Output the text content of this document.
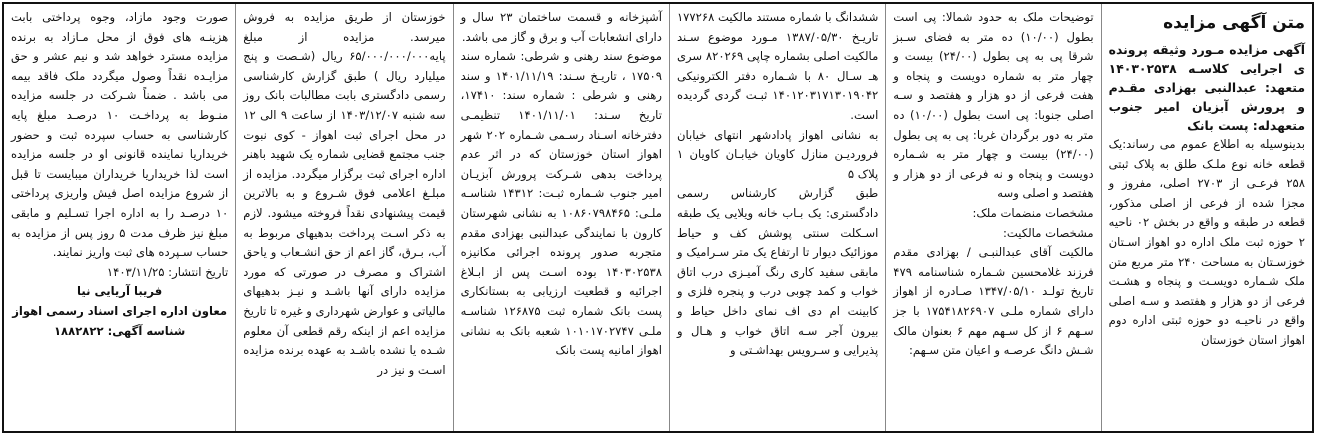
متن آگهی مزایده
آگهی مزایده مـورد وثیقه پرونده ی اجرایی کلاسـه ۱۴۰۳۰۲۵۳۸ متعهد: عبدالنبی بهزادی مقـدم و پرورش آبزیان امیر جنوب متعهدله: پست بانک

بدینوسیله به اطلاع عموم می رساند:یک قطعه خانه نوع ملـک طلق به پلاک ثبتی ۲۵۸ فرعـی از ۲۷۰۳ اصلی، مفروز و مجزا شده از فرعی از اصلی مذکور، قطعه در طبقه و واقع در بخش ۰۲ ناحیه ۲ حوزه ثبت ملک اداره دو اهواز اسـتان خوزسـتان به مساحت ۲۴۰ متر مربع متن ملک شـماره دویسـت و پنجاه و هشـت فرعی از دو هزار و هفتصد و سـه اصلی واقع در ناحیـه دو حوزه ثبتی اداره دوم اهواز استان خوزستان

توضیحات ملک به حدود شمالا: پی است بطول (۱۰/۰۰) ده متر به فضای سـبز شرقا پی به پی بطول (۲۴/۰۰) بیست و چهار متر به شماره دویست و پنجاه و هفت فرعی از دو هزار و هفتصد و سـه اصلی جنوبا: پی است بطول (۱۰/۰۰) ده متر به دور برگردان غربا: پی به پی بطول (۲۴/۰۰) بیست و چهار متر به شـماره دویست و پنجاه و نه فرعی از دو هزار و هفتصد و اصلی وسه

مشخصات منضمات ملک:

مشخصات مالکیت:

مالکیت آقای عبدالنبـی / بهزادی مقدم فرزند غلامحسین شـماره شناسنامه ۴۷۹ تاریخ تولـد ۱۳۴۷/۰۵/۱۰ صـادره از اهواز دارای شماره ملـی ۱۷۵۴۱۸۲۶۹۰۷ با جز سـهم ۶ از کل سـهم مهم ۶ بعنوان مالک شـش دانگ عرصـه و اعیان متن سـهم:

ششدانگ با شماره مستند مالکیت ۱۷۷۲۶۸ تاریـخ ۱۳۸۷/۰۵/۳۰ مـورد موضوع سـند مالکیت اصلی بشماره چاپی ۸۲۰۲۶۹ سری هـ سـال ۸۰ با شـماره دفتر الکترونیکی ۱۴۰۱۲۰۳۱۷۱۳۰۱۹۰۴۲ ثبـت گردی گردیده است.

به نشانی اهواز پادادشهر انتهای خیابان فروردیـن منازل کاویان خیابـان کاویان ۱ پلاک ۵

طبق گزارش کارشناس رسمی دادگستری: یک بـاب خانه ویلایی یک طبقه اسـکلت سنتی پوشش کف و حیاط موزائیک دیوار تا ارتفاع یک متر سـرامیک و مابقی سفید کاری رنگ آمیـزی درب اتاق خواب و کمد چوبی درب و پنجره فلزی و کابینت ام دی اف نمای داخل حیاط و بیرون آجر سـه اتاق خواب و هـال و پذیرایی و سـرویس بهداشـتی و

آشپزخانه و قسمت ساختمان ۲۳ سال و دارای انشعابات آب و برق و گاز می باشد.

موضوع سند رهنی و شرطی: شماره سند ۱۷۵۰۹ ، تاریـخ سـند: ۱۴۰۱/۱۱/۱۹ و سند رهنی و شرطی : شماره سند: ۱۷۴۱۰، تاریخ سـند: ۱۴۰۱/۱۱/۰۱ تنظیمـی دفترخانه اسـناد رسـمی شـماره ۲۰۲ شهر اهواز استان خوزستان که در اثر عدم پرداخت بدهی شـرکت پرورش آبزیـان امیر جنوب شـماره ثبـت: ۱۴۳۱۲ شناسـه ملـی: ۱۰۸۶۰۷۹۸۴۶۵ به نشانی شهرستان کارون با نمایندگی عبدالنبی بهزادی مقدم متجربه صدور پرونده اجرائی مکانیزه ۱۴۰۳۰۲۵۳۸ بوده اسـت پس از ابـلاغ اجرائیه و قطعیت ارزیابی به بستانکاری پست بانک شماره ثبت ۱۲۶۸۷۵ شناسـه ملـی ۱۰۱۰۱۷۰۲۷۴۷ شعبه بانک به نشانی اهواز امانیه پست بانک

خوزستان از طریق مزایده به فروش میرسد. مزایده از مبلغ پایه۶۵/۰۰۰/۰۰۰/۰۰۰ ریال (شـصت و پنج میلیارد ریال ) طبق گزارش کارشناسی رسمی دادگستری بابت مطالبات بانک روز سه شنبه ۱۴۰۳/۱۲/۰۷ از ساعت ۹ الی ۱۲ در محل اجرای ثبت اهواز - کوی نبوت جنب مجتمع قضایی شماره یک شهید باهنر اداره اجرای ثبت برگزار میگردد. مزایده از مبلـغ اعلامی فوق شـروع و به بالاترین قیمت پیشنهادی نقداً فروخته میشود. لازم به ذکر اسـت پرداخت بدهیهای مربوط به آب، بـرق، گاز اعم از حق انشـعاب و یاحق اشتراک و مصرف در صورتی که مورد مزایده دارای آنها باشـد و نیـز بدهیهای مالیاتی و عوارض شهرداری و غیره تا تاریخ مزایده اعم از اینکه رقم قطعی آن معلوم شـده یا نشده باشـد به عهده برنده مزایده اسـت و نیز در

صورت وجود مازاد، وجوه پرداختی بابت هزینـه های فوق از محل مـازاد به برنده مزایده مسترد خواهد شد و نیم عشر و حق مزایـده نقداً وصول میگردد ملک فاقد بیمه می باشد . ضمناً شـرکت در جلسه مزایده منـوط به پرداخـت ۱۰ درصـد مبلغ پایه کارشناسی به حساب سپرده ثبت و حضور خریداریا نماینده قانونی او در جلسه مزایده است لذا خریداریا خریداران میبایست تا قبل از شروع مزایده اصل فیش واریزی پرداختی ۱۰ درصـد را به اداره اجرا تسـلیم و مابقی مبلغ نیز ظرف مدت ۵ روز پس از مزایده به حساب سـپرده های ثبت واریز نمایند.

تاریخ انتشار: ۱۴۰۳/۱۱/۲۵

فریبا آریایی نیا

معاون اداره اجرای اسناد رسمی اهواز

شناسه آگهی: ۱۸۸۲۸۲۲
